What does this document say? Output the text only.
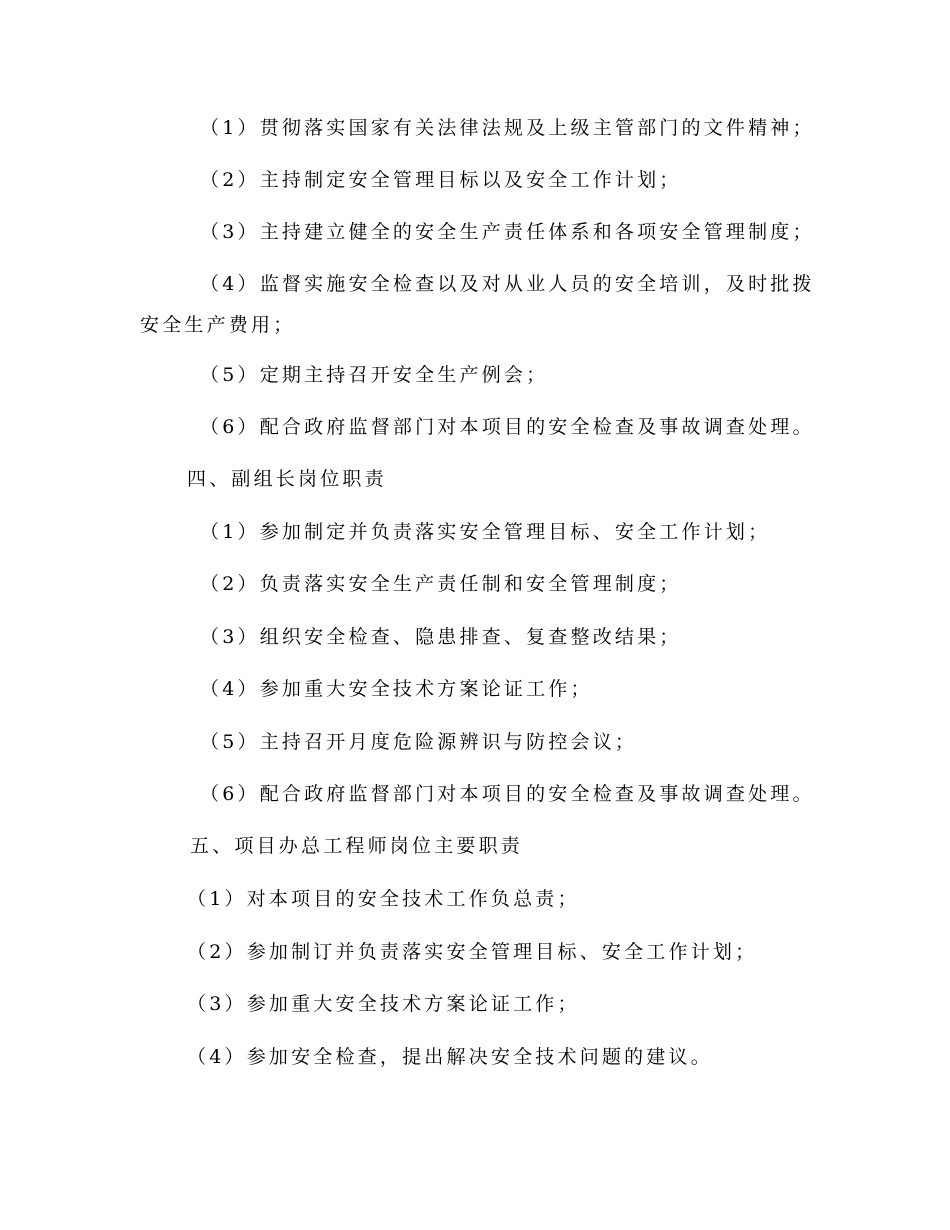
（1）贯彻落实国家有关法律法规及上级主管部门的文件精神；
（2）主持制定安全管理目标以及安全工作计划；
（3）主持建立健全的安全生产责任体系和各项安全管理制度；
（4）监督实施安全检查以及对从业人员的安全培训，及时批拨
安全生产费用；
（5）定期主持召开安全生产例会；
（6）配合政府监督部门对本项目的安全检查及事故调查处理。
四、副组长岗位职责
（1）参加制定并负责落实安全管理目标、安全工作计划；
（2）负责落实安全生产责任制和安全管理制度；
（3）组织安全检查、隐患排查、复查整改结果；
（4）参加重大安全技术方案论证工作；
（5）主持召开月度危险源辨识与防控会议；
（6）配合政府监督部门对本项目的安全检查及事故调查处理。
五、项目办总工程师岗位主要职责
（1）对本项目的安全技术工作负总责；
（2）参加制订并负责落实安全管理目标、安全工作计划；
（3）参加重大安全技术方案论证工作；
（4）参加安全检查，提出解决安全技术问题的建议。
